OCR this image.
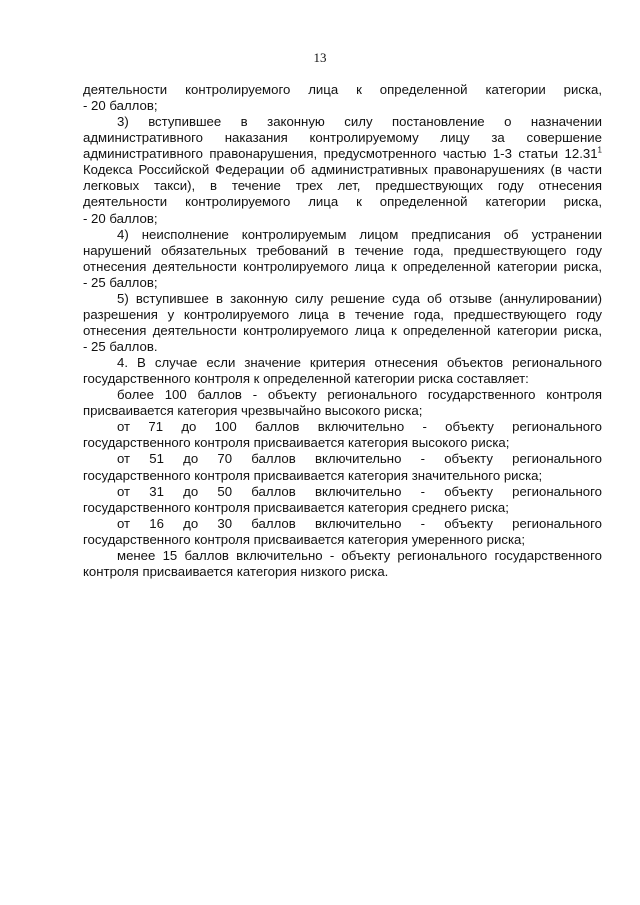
13
деятельности контролируемого лица к определенной категории риска,
- 20 баллов;
3) вступившее в законную силу постановление о назначении
административного наказания контролируемому лицу за совершение
административного правонарушения, предусмотренного частью 1-3 статьи 12.31$^1$
Кодекса Российской Федерации об административных правонарушениях (в части
легковых такси), в течение трех лет, предшествующих году отнесения
деятельности контролируемого лица к определенной категории риска,
- 20 баллов;
4) неисполнение контролируемым лицом предписания об устранении
нарушений обязательных требований в течение года, предшествующего году
отнесения деятельности контролируемого лица к определенной категории риска,
- 25 баллов;
5) вступившее в законную силу решение суда об отзыве (аннулировании)
разрешения у контролируемого лица в течение года, предшествующего году
отнесения деятельности контролируемого лица к определенной категории риска,
- 25 баллов.
4. В случае если значение критерия отнесения объектов регионального
государственного контроля к определенной категории риска составляет:
более 100 баллов - объекту регионального государственного контроля
присваивается категория чрезвычайно высокого риска;
от 71 до 100 баллов включительно - объекту регионального
государственного контроля присваивается категория высокого риска;
от 51 до 70 баллов включительно - объекту регионального
государственного контроля присваивается категория значительного риска;
от 31 до 50 баллов включительно - объекту регионального
государственного контроля присваивается категория среднего риска;
от 16 до 30 баллов включительно - объекту регионального
государственного контроля присваивается категория умеренного риска;
менее 15 баллов включительно - объекту регионального государственного
контроля присваивается категория низкого риска.
